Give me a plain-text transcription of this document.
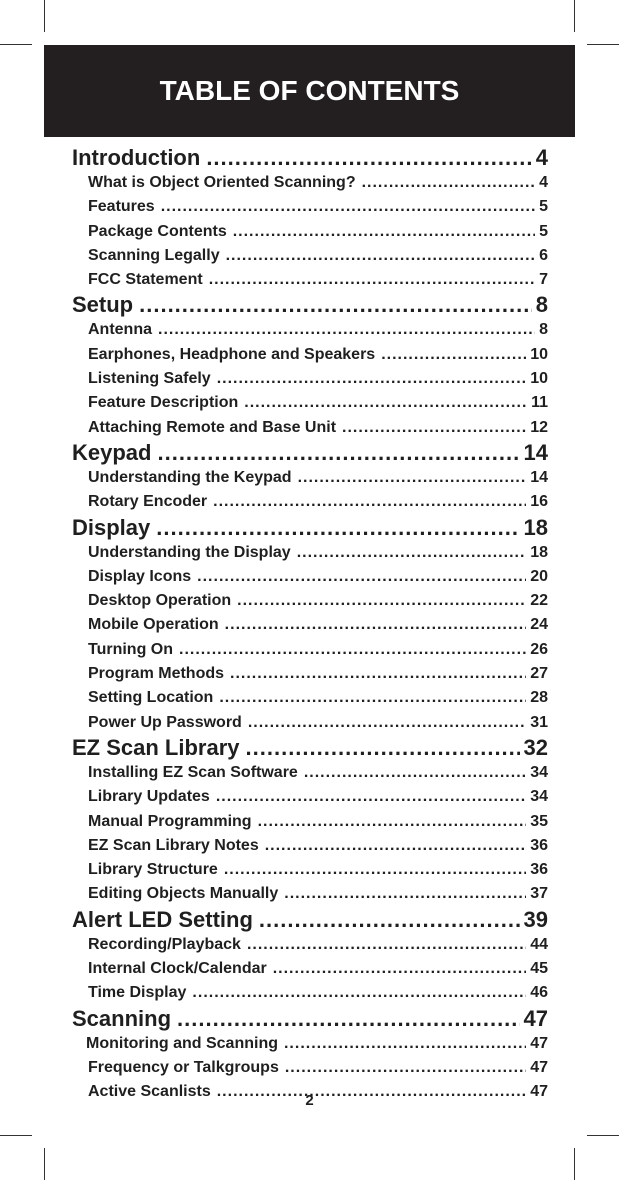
TABLE OF CONTENTS
Introduction .....	4
What is Object Oriented Scanning? .....	4
Features .....	5
Package Contents .....	5
Scanning Legally .....	6
FCC Statement .....	7
Setup .....	8
Antenna .....	8
Earphones, Headphone and Speakers .....	10
Listening Safely .....	10
Feature Description .....	11
Attaching Remote and Base Unit .....	12
Keypad .....	14
Understanding the Keypad .....	14
Rotary Encoder .....	16
Display .....	18
Understanding the Display .....	18
Display Icons .....	20
Desktop Operation .....	22
Mobile Operation .....	24
Turning On .....	26
Program Methods .....	27
Setting Location .....	28
Power Up Password .....	31
EZ Scan Library .....	32
Installing EZ Scan Software .....	34
Library Updates .....	34
Manual Programming .....	35
EZ Scan Library Notes .....	36
Library Structure .....	36
Editing Objects Manually .....	37
Alert LED Setting .....	39
Recording/Playback .....	44
Internal Clock/Calendar .....	45
Time Display .....	46
Scanning .....	47
Monitoring and Scanning .....	47
Frequency or Talkgroups .....	47
Active Scanlists .....	47
2
